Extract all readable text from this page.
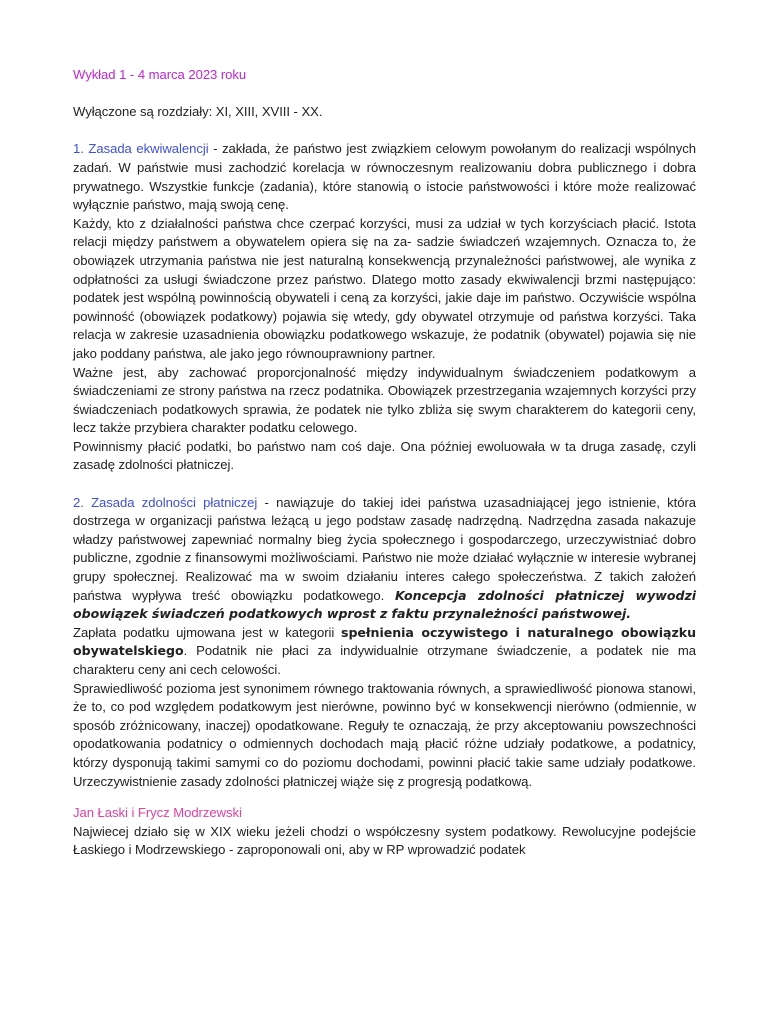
Wykład 1 - 4 marca 2023 roku

Wyłączone są rozdziały: XI, XIII, XVIII - XX.

1. Zasada ekwiwalencji - zakłada, że państwo jest związkiem celowym powołanym do realizacji wspólnych zadań. W państwie musi zachodzić korelacja w równoczesnym realizowaniu dobra publicznego i dobra prywatnego. Wszystkie funkcje (zadania), które stanowią o istocie państwowości i które może realizować wyłącznie państwo, mają swoją cenę.

Każdy, kto z działalności państwa chce czerpać korzyści, musi za udział w tych korzyściach płacić. Istota relacji między państwem a obywatelem opiera się na za- sadzie świadczeń wzajemnych. Oznacza to, że obowiązek utrzymania państwa nie jest naturalną konsekwencją przynależności państwowej, ale wynika z odpłatności za usługi świadczone przez państwo. Dlatego motto zasady ekwiwalencji brzmi następująco: podatek jest wspólną powinnością obywateli i ceną za korzyści, jakie daje im państwo. Oczywiście wspólna powinność (obowiązek podatkowy) pojawia się wtedy, gdy obywatel otrzymuje od państwa korzyści. Taka relacja w zakresie uzasadnienia obowiązku podatkowego wskazuje, że podatnik (obywatel) pojawia się nie jako poddany państwa, ale jako jego równouprawniony partner.

Ważne jest, aby zachować proporcjonalność między indywidualnym świadczeniem podatkowym a świadczeniami ze strony państwa na rzecz podatnika. Obowiązek przestrzegania wzajemnych korzyści przy świadczeniach podatkowych sprawia, że podatek nie tylko zbliża się swym charakterem do kategorii ceny, lecz także przybiera charakter podatku celowego.

Powinnismy płacić podatki, bo państwo nam coś daje. Ona później ewoluowała w ta druga zasadę, czyli zasadę zdolności płatniczej.

2. Zasada zdolności płatniczej - nawiązuje do takiej idei państwa uzasadniającej jego istnienie, która dostrzega w organizacji państwa leżącą u jego podstaw zasadę nadrzędną. Nadrzędna zasada nakazuje władzy państwowej zapewniać normalny bieg życia społecznego i gospodarczego, urzeczywistniać dobro publiczne, zgodnie z finansowymi możliwościami. Państwo nie może działać wyłącznie w interesie wybranej grupy społecznej. Realizować ma w swoim działaniu interes całego społeczeństwa. Z takich założeń państwa wypływa treść obowiązku podatkowego. Koncepcja zdolności płatniczej wywodzi obowiązek świadczeń podatkowych wprost z faktu przynależności państwowej.

Zapłata podatku ujmowana jest w kategorii spełnienia oczywistego i naturalnego obowiązku obywatelskiego. Podatnik nie płaci za indywidualnie otrzymane świadczenie, a podatek nie ma charakteru ceny ani cech celowości.

Sprawiedliwość pozioma jest synonimem równego traktowania równych, a sprawiedliwość pionowa stanowi, że to, co pod względem podatkowym jest nierówne, powinno być w konsekwencji nierówno (odmiennie, w sposób zróżnicowany, inaczej) opodatkowane. Reguły te oznaczają, że przy akceptowaniu powszechności opodatkowania podatnicy o odmiennych dochodach mają płacić różne udziały podatkowe, a podatnicy, którzy dysponują takimi samymi co do poziomu dochodami, powinni płacić takie same udziały podatkowe. Urzeczywistnienie zasady zdolności płatniczej wiąże się z progresją podatkową.

Jan Łaski i Frycz Modrzewski

Najwiecej działo się w XIX wieku jeżeli chodzi o współczesny system podatkowy. Rewolucyjne podejście Łaskiego i Modrzewskiego - zaproponowali oni, aby w RP wprowadzić podatek
